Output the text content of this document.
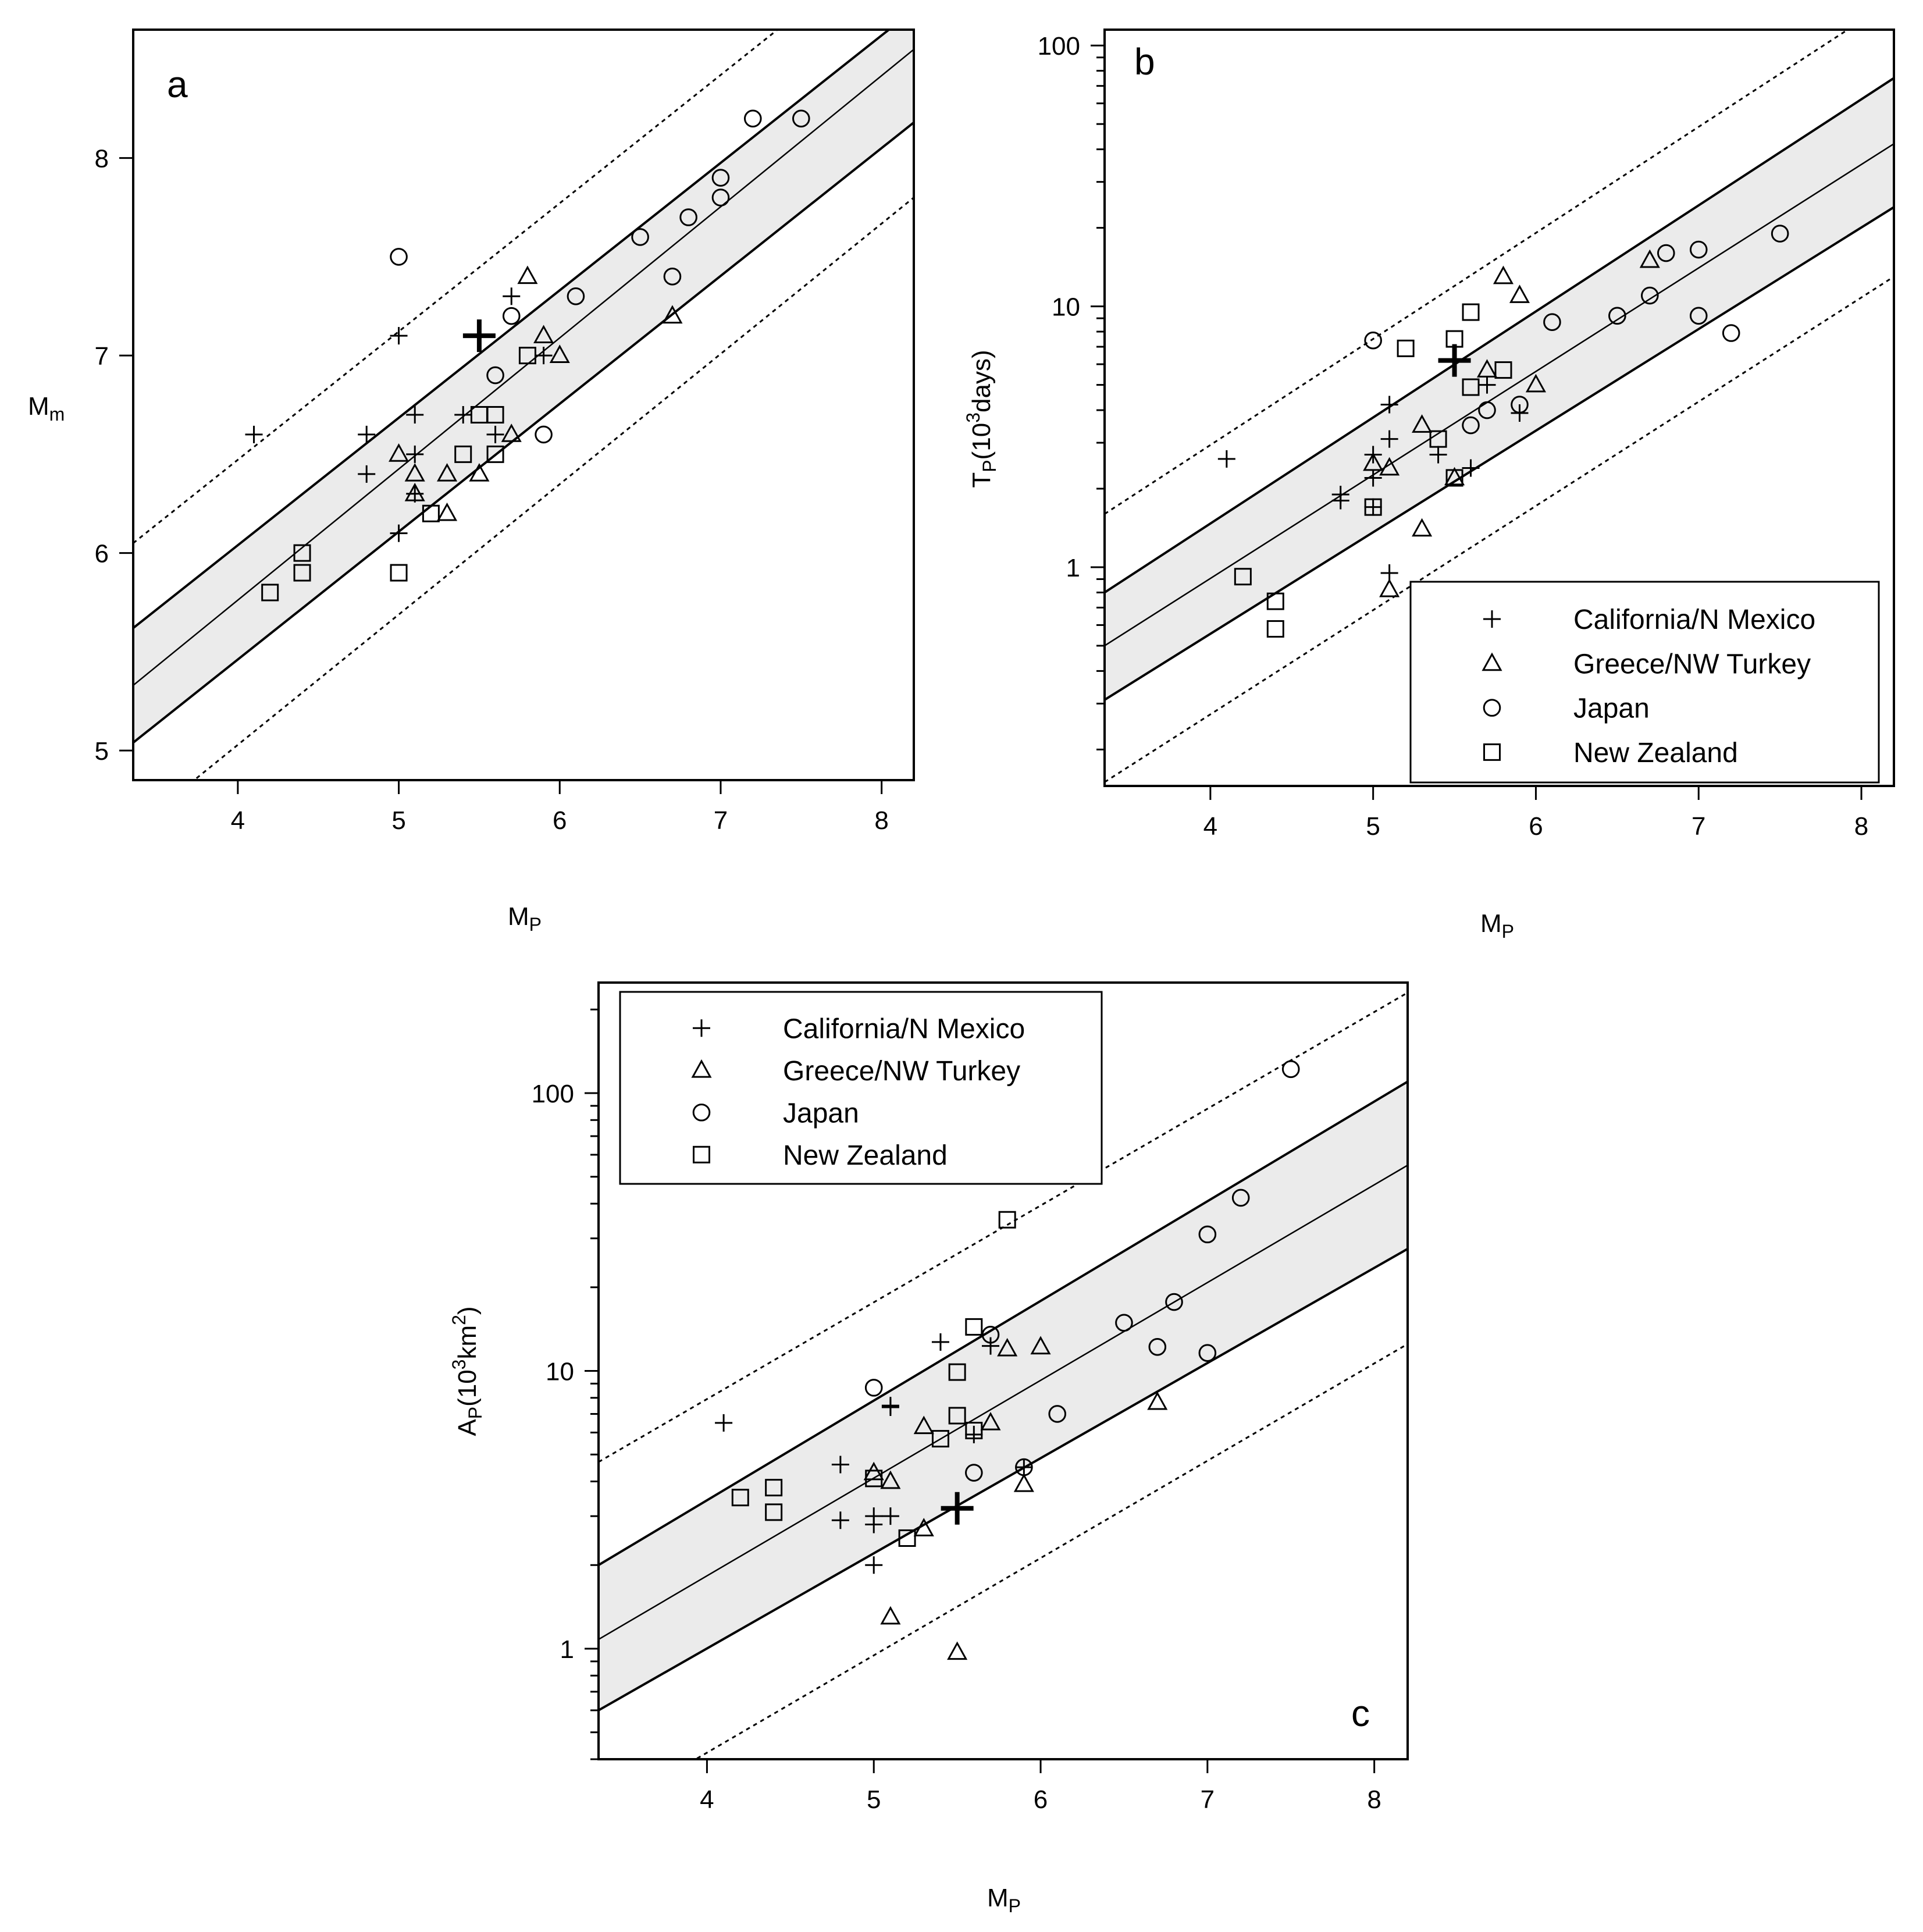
4	5	6	7	8
5
6
7
8
a
$M_P$
$M_m$
4	5	6	7	8
1
10
100 b
$M_P$
$T_P(10^3days)$
California/N Mexico
Greece/NW Turkey
Japan
New Zealand
4	5	6	7	8
1
10
100
c
$M_P$
$A_P(10^3km^2)$
California/N Mexico
Greece/NW Turkey
Japan
New Zealand
